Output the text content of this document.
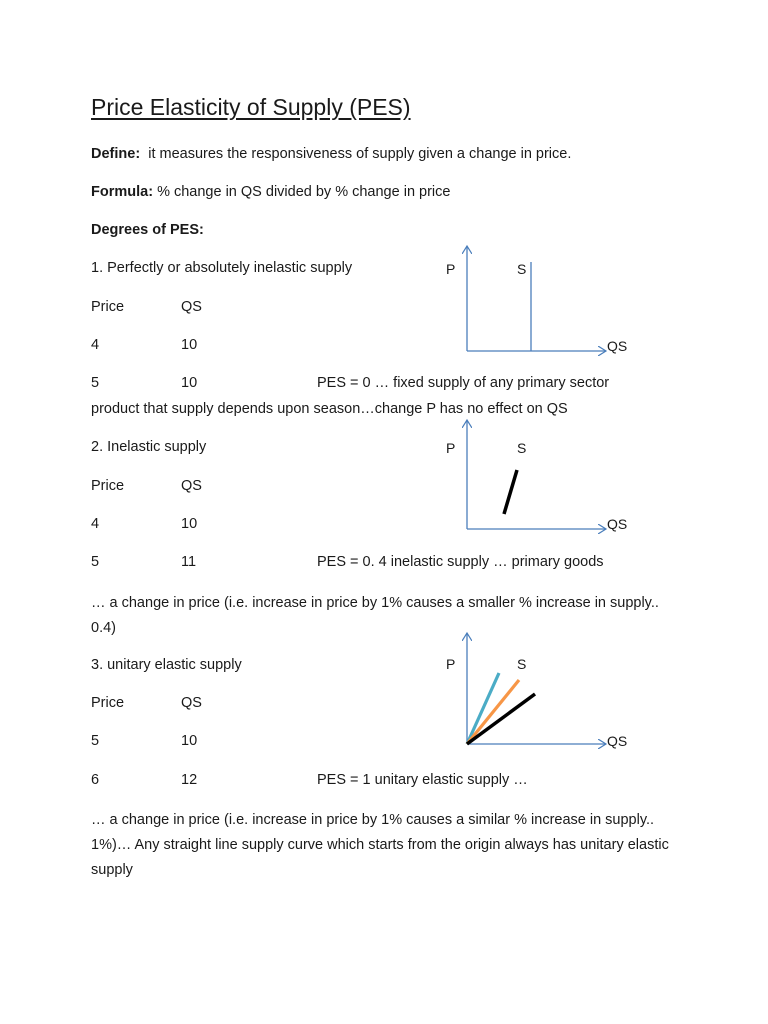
Price Elasticity of Supply (PES)
Define: it measures the responsiveness of supply given a change in price.
Formula: % change in QS divided by % change in price
Degrees of PES:
1. Perfectly or absolutely inelastic supply
Price	QS
4	10
5	10	PES = 0 … fixed supply of any primary sector
product that supply depends upon season…change P has no effect on QS
P	S
QS
2. Inelastic supply
Price	QS
4	10
5	11	PES = 0. 4 inelastic supply … primary goods
… a change in price (i.e. increase in price by 1% causes a smaller % increase in supply.. 0.4)
P	S
QS
3. unitary elastic supply
Price	QS
5	10
6	12	PES = 1 unitary elastic supply …
… a change in price (i.e. increase in price by 1% causes a similar % increase in supply.. 1%)… Any straight line supply curve which starts from the origin always has unitary elastic supply
P	S
QS
